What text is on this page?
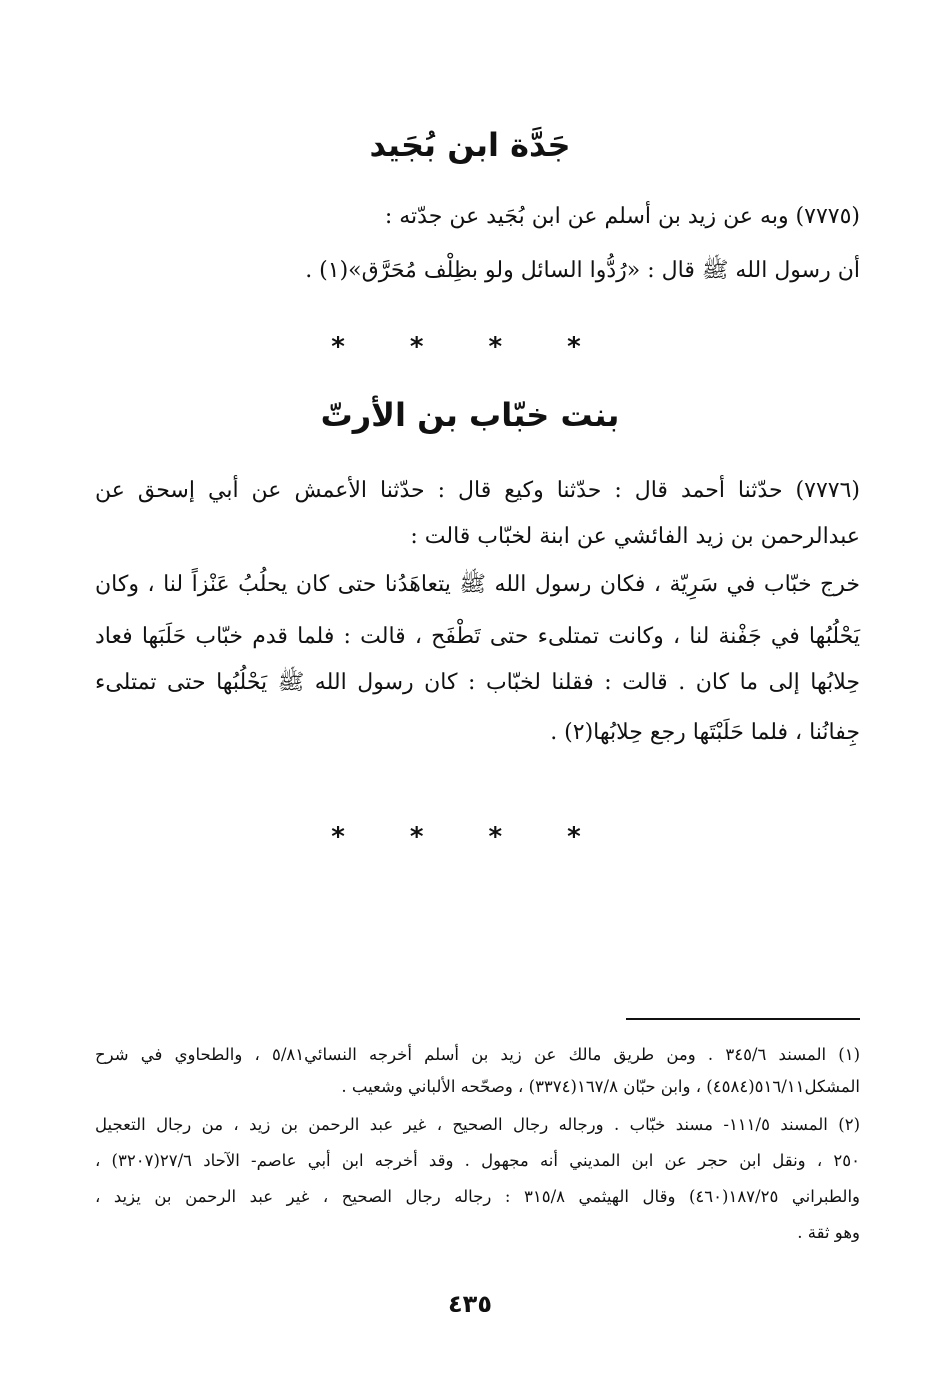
جَدَّة ابن بُجَيد
(٧٧٧٥) وبه عن زيد بن أسلم عن ابن بُجَيد عن جدّته :
أن رسول الله ﷺ قال : «رُدُّوا السائل ولو بظِلْف مُحَرَّق»(١) .
* * * *
بنت خبّاب بن الأرتّ
(٧٧٧٦) حدّثنا أحمد قال : حدّثنا وكيع قال : حدّثنا الأعمش عن أبي إسحق عن
عبدالرحمن بن زيد الفائشي عن ابنة لخبّاب قالت :
خرج خبّاب في سَرِيّة ، فكان رسول الله ﷺ يتعاهَدُنا حتى كان يحلُبُ عَنْزاً لنا ، وكان
يَحْلُبُها في جَفْنة لنا ، وكانت تمتلىء حتى تَطْفَح ، قالت : فلما قدم خبّاب حَلَبَها فعاد
حِلابُها إلى ما كان . قالت : فقلنا لخبّاب : كان رسول الله ﷺ يَحْلُبُها حتى تمتلىء
جِفانُنا ، فلما حَلَبْتَها رجع حِلابُها(٢) .
* * * *
(١) المسند ٣٤٥/٦ . ومن طريق مالك عن زيد بن أسلم أخرجه النسائي٥/٨١ ، والطحاوي في شرح
المشكل٥١٦/١١(٤٥٨٤) ، وابن حبّان ١٦٧/٨(٣٣٧٤) ، وصحّحه الألباني وشعيب .
(٢) المسند ١١١/٥- مسند خبّاب . ورجاله رجال الصحيح ، غير عبد الرحمن بن زيد ، من رجال التعجيل
٢٥٠ ، ونقل ابن حجر عن ابن المديني أنه مجهول . وقد أخرجه ابن أبي عاصم- الآحاد ٢٧/٦(٣٢٠٧) ،
والطبراني ١٨٧/٢٥(٤٦٠) وقال الهيثمي ٣١٥/٨ : رجاله رجال الصحيح ، غير عبد الرحمن بن يزيد ،
وهو ثقة .
٤٣٥
